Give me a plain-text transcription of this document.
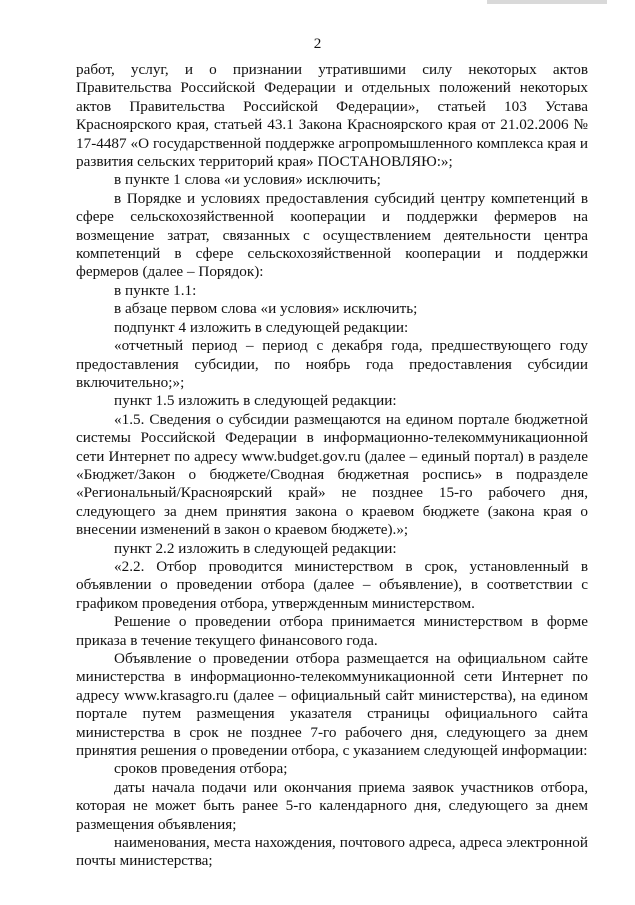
2

работ, услуг, и о признании утратившими силу некоторых актов Правительства Российской Федерации и отдельных положений некоторых актов Правительства Российской Федерации», статьей 103 Устава Красноярского края, статьей 43.1 Закона Красноярского края от 21.02.2006 № 17-4487 «О государственной поддержке агропромышленного комплекса края и развития сельских территорий края» ПОСТАНОВЛЯЮ:»;

в пункте 1 слова «и условия» исключить;

в Порядке и условиях предоставления субсидий центру компетенций в сфере сельскохозяйственной кооперации и поддержки фермеров на возмещение затрат, связанных с осуществлением деятельности центра компетенций в сфере сельскохозяйственной кооперации и поддержки фермеров (далее – Порядок):

в пункте 1.1:

в абзаце первом слова «и условия» исключить;

подпункт 4 изложить в следующей редакции:

«отчетный период – период с декабря года, предшествующего году предоставления субсидии, по ноябрь года предоставления субсидии включительно;»;

пункт 1.5 изложить в следующей редакции:

«1.5. Сведения о субсидии размещаются на едином портале бюджетной системы Российской Федерации в информационно-телекоммуникационной сети Интернет по адресу www.budget.gov.ru (далее – единый портал) в разделе «Бюджет/Закон о бюджете/Сводная бюджетная роспись» в подразделе «Региональный/Красноярский край» не позднее 15-го рабочего дня, следующего за днем принятия закона о краевом бюджете (закона края о внесении изменений в закон о краевом бюджете).»;

пункт 2.2 изложить в следующей редакции:

«2.2. Отбор проводится министерством в срок, установленный в объявлении о проведении отбора (далее – объявление), в соответствии с графиком проведения отбора, утвержденным министерством.

Решение о проведении отбора принимается министерством в форме приказа в течение текущего финансового года.

Объявление о проведении отбора размещается на официальном сайте министерства в информационно-телекоммуникационной сети Интернет по адресу www.krasagro.ru (далее – официальный сайт министерства), на едином портале путем размещения указателя страницы официального сайта министерства в срок не позднее 7-го рабочего дня, следующего за днем принятия решения о проведении отбора, с указанием следующей информации:

сроков проведения отбора;

даты начала подачи или окончания приема заявок участников отбора, которая не может быть ранее 5-го календарного дня, следующего за днем размещения объявления;

наименования, места нахождения, почтового адреса, адреса электронной почты министерства;
